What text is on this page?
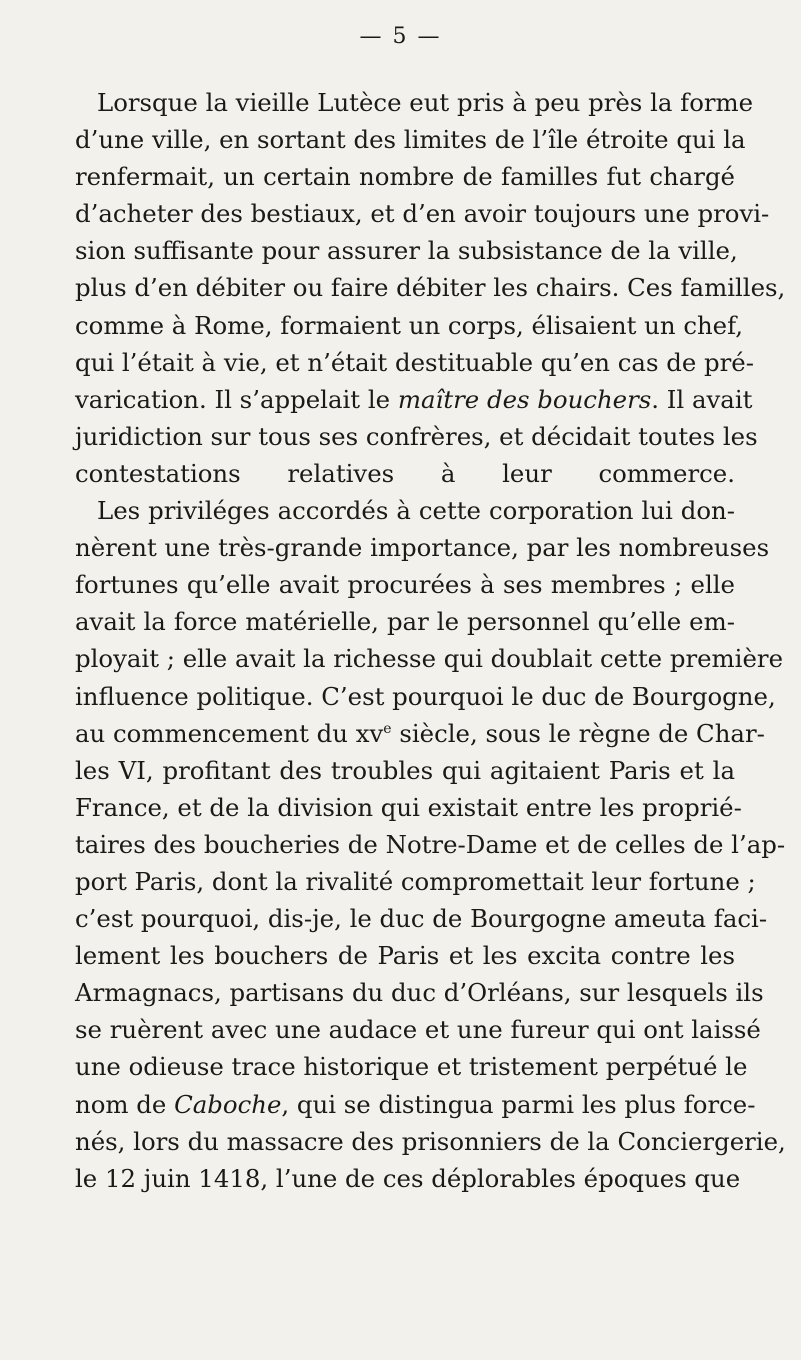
— 5 —
Lorsque la vieille Lutèce eut pris à peu près la forme
d’une ville, en sortant des limites de l’île étroite qui la
renfermait, un certain nombre de familles fut chargé
d’acheter des bestiaux, et d’en avoir toujours une provi-
sion suffisante pour assurer la subsistance de la ville,
plus d’en débiter ou faire débiter les chairs. Ces familles,
comme à Rome, formaient un corps, élisaient un chef,
qui l’était à vie, et n’était destituable qu’en cas de pré-
varication. Il s’appelait le maître des bouchers. Il avait
juridiction sur tous ses confrères, et décidait toutes les
contestations relatives à leur commerce.
Les priviléges accordés à cette corporation lui don-
nèrent une très-grande importance, par les nombreuses
fortunes qu’elle avait procurées à ses membres ; elle
avait la force matérielle, par le personnel qu’elle em-
ployait ; elle avait la richesse qui doublait cette première
influence politique. C’est pourquoi le duc de Bourgogne,
au commencement du $xv^e$ siècle, sous le règne de Char-
les VI, profitant des troubles qui agitaient Paris et la
France, et de la division qui existait entre les proprié-
taires des boucheries de Notre-Dame et de celles de l’ap-
port Paris, dont la rivalité compromettait leur fortune ;
c’est pourquoi, dis-je, le duc de Bourgogne ameuta faci-
lement les bouchers de Paris et les excita contre les
Armagnacs, partisans du duc d’Orléans, sur lesquels ils
se ruèrent avec une audace et une fureur qui ont laissé
une odieuse trace historique et tristement perpétué le
nom de Caboche, qui se distingua parmi les plus force-
nés, lors du massacre des prisonniers de la Conciergerie,
le 12 juin 1418, l’une de ces déplorables époques que
